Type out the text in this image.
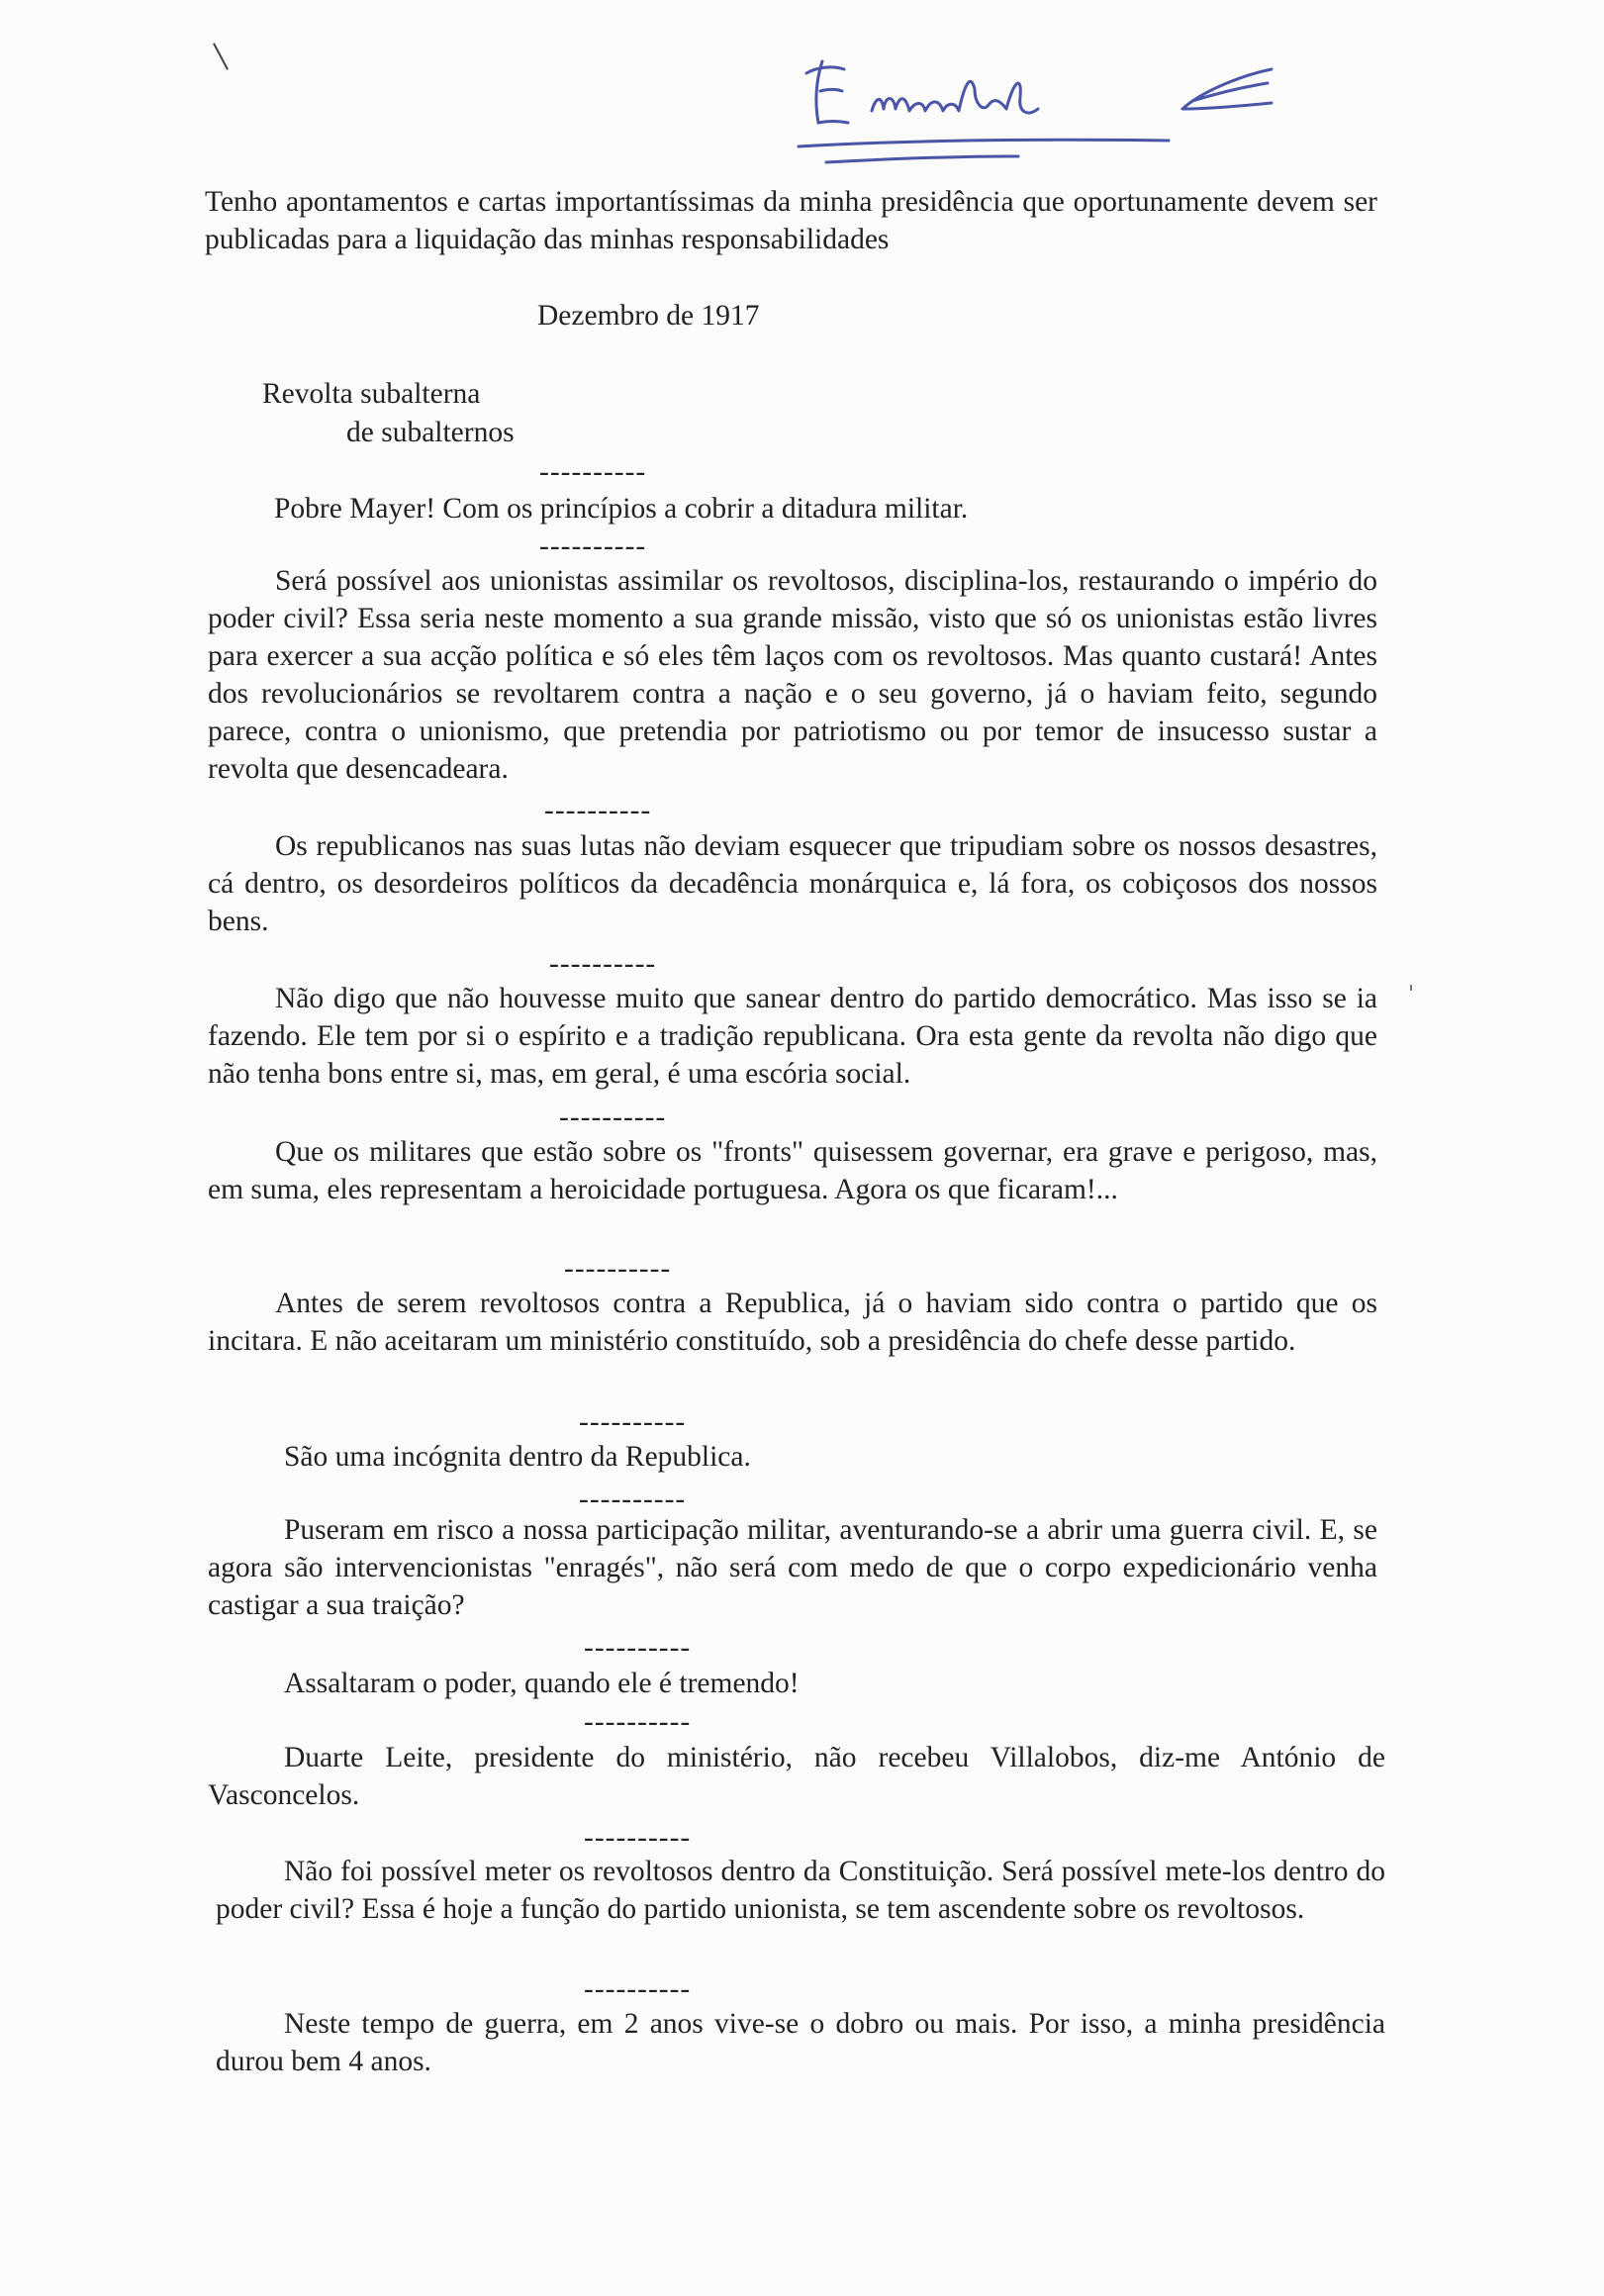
Tenho apontamentos e cartas importantíssimas da minha presidência que oportunamente devem ser publicadas para a liquidação das minhas responsabilidades
Dezembro de 1917
Revolta subalterna
de subalternos
----------
Pobre Mayer! Com os princípios a cobrir a ditadura militar.
----------
Será possível aos unionistas assimilar os revoltosos, disciplina-los, restaurando o império do poder civil? Essa seria neste momento a sua grande missão, visto que só os unionistas estão livres para exercer a sua acção política e só eles têm laços com os revoltosos. Mas quanto custará! Antes dos revolucionários se revoltarem contra a nação e o seu governo, já o haviam feito, segundo parece, contra o unionismo, que pretendia por patriotismo ou por temor de insucesso sustar a revolta que desencadeara.
----------
Os republicanos nas suas lutas não deviam esquecer que tripudiam sobre os nossos desastres, cá dentro, os desordeiros políticos da decadência monárquica e, lá fora, os cobiçosos dos nossos bens.
----------
Não digo que não houvesse muito que sanear dentro do partido democrático. Mas isso se ia fazendo. Ele tem por si o espírito e a tradição republicana. Ora esta gente da revolta não digo que não tenha bons entre si, mas, em geral, é uma escória social.
----------
Que os militares que estão sobre os "fronts" quisessem governar, era grave e perigoso, mas, em suma, eles representam a heroicidade portuguesa. Agora os que ficaram!...
----------
Antes de serem revoltosos contra a Republica, já o haviam sido contra o partido que os incitara. E não aceitaram um ministério constituído, sob a presidência do chefe desse partido.
----------
São uma incógnita dentro da Republica.
----------
Puseram em risco a nossa participação militar, aventurando-se a abrir uma guerra civil. E, se agora são intervencionistas "enragés", não será com medo de que o corpo expedicionário venha castigar a sua traição?
----------
Assaltaram o poder, quando ele é tremendo!
----------
Duarte Leite, presidente do ministério, não recebeu Villalobos, diz-me António de Vasconcelos.
----------
Não foi possível meter os revoltosos dentro da Constituição. Será possível mete-los dentro do poder civil? Essa é hoje a função do partido unionista, se tem ascendente sobre os revoltosos.
----------
Neste tempo de guerra, em 2 anos vive-se o dobro ou mais. Por isso, a minha presidência durou bem 4 anos.
